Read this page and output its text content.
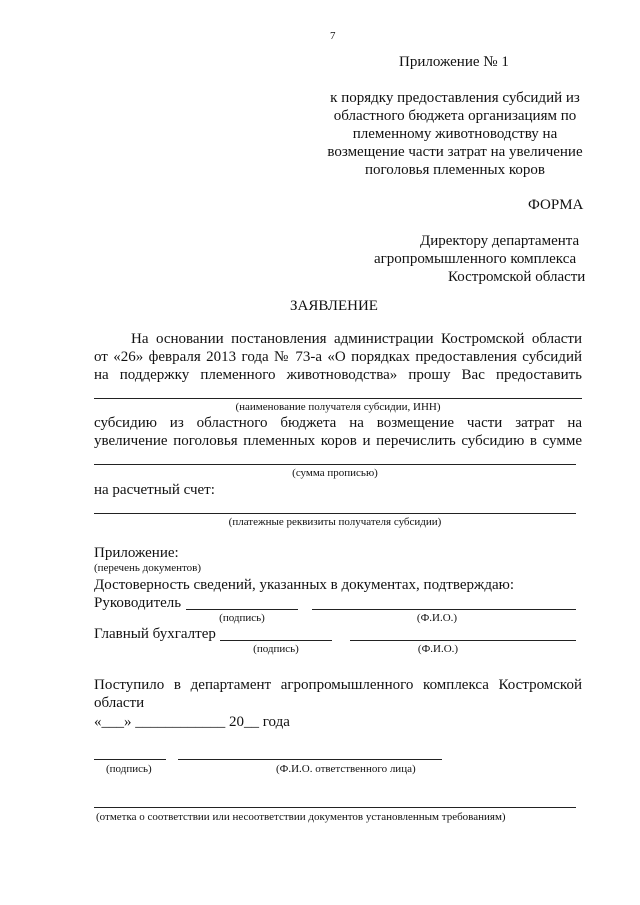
7
Приложение № 1
к порядку предоставления субсидий из
областного бюджета организациям по
племенному животноводству на
возмещение части затрат на увеличение
поголовья племенных коров
ФОРМА
Директору департамента
агропромышленного комплекса
Костромской области
ЗАЯВЛЕНИЕ
На основании постановления администрации Костромской области
от «26» февраля 2013 года № 73-а «О порядках предоставления субсидий
на поддержку племенного животноводства» прошу Вас предоставить
(наименование получателя субсидии, ИНН)
субсидию из областного бюджета на возмещение части затрат на
увеличение поголовья племенных коров и перечислить субсидию в сумме
(сумма прописью)
на расчетный счет:
(платежные реквизиты получателя субсидии)
Приложение:
(перечень документов)
Достоверность сведений, указанных в документах, подтверждаю:
Руководитель
(подпись)	(Ф.И.О.)
Главный бухгалтер
(подпись)	(Ф.И.О.)
Поступило в департамент агропромышленного комплекса Костромской
области
«___» ____________ 20__ года
(подпись)	(Ф.И.О. ответственного лица)
(отметка о соответствии или несоответствии документов установленным требованиям)
